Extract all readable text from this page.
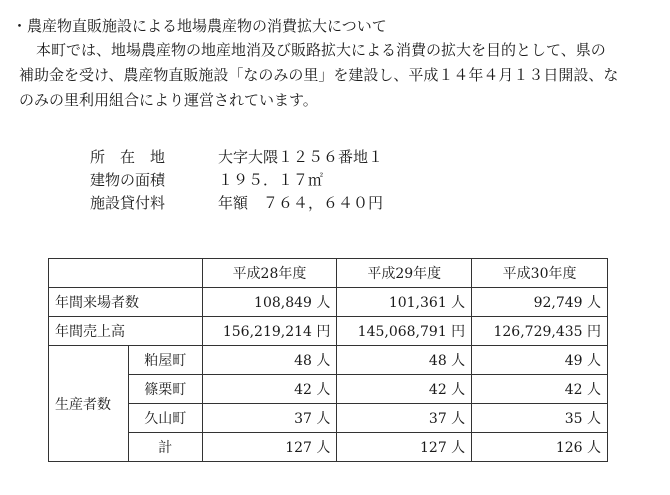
・農産物直販施設による地場農産物の消費拡大について
本町では、地場農産物の地産地消及び販路拡大による消費の拡大を目的として、県の
補助金を受け、農産物直販施設「なのみの里」を建設し、平成１４年４月１３日開設、な
のみの里利用組合により運営されています。
所　在　地	大字大隈１２５６番地１
建物の面積	１９５．１７㎡
施設貸付料	年額　７６４，６４０円
		平成28年度	平成29年度	平成30年度
年間来場者数		108,849 人	101,361 人	92,749 人
年間売上高		156,219,214 円	145,068,791 円	126,729,435 円
生産者数	粕屋町	48 人	48 人	49 人
	篠栗町	42 人	42 人	42 人
	久山町	37 人	37 人	35 人
	計	127 人	127 人	126 人
